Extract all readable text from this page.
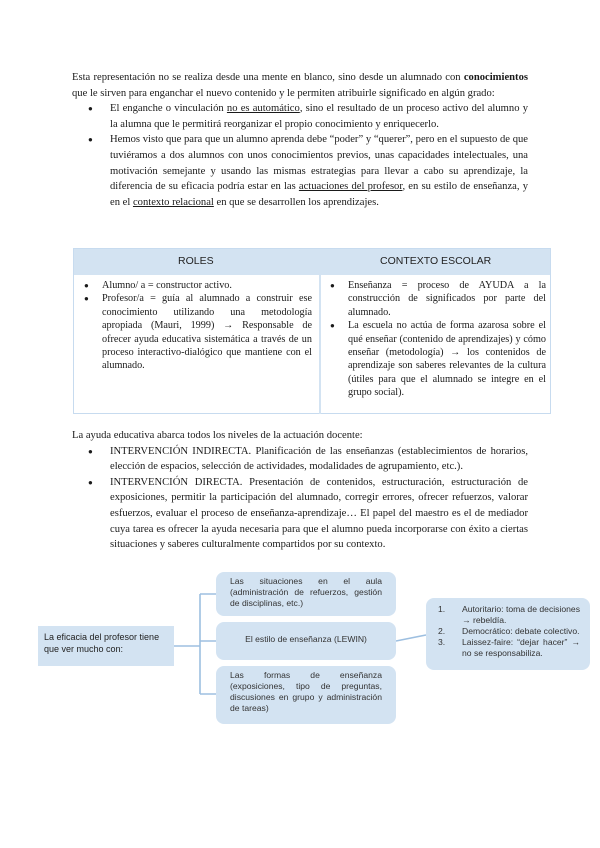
Esta representación no se realiza desde una mente en blanco, sino desde un alumnado con conocimientos que le sirven para enganchar el nuevo contenido y le permiten atribuirle significado en algún grado:
● El enganche o vinculación no es automático, sino el resultado de un proceso activo del alumno y la alumna que le permitirá reorganizar el propio conocimiento y enriquecerlo.
● Hemos visto que para que un alumno aprenda debe “poder” y “querer”, pero en el supuesto de que tuviéramos a dos alumnos con unos conocimientos previos, unas capacidades intelectuales, una motivación semejante y usando las mismas estrategias para llevar a cabo su aprendizaje, la diferencia de su eficacia podría estar en las actuaciones del profesor, en su estilo de enseñanza, y en el contexto relacional en que se desarrollen los aprendizajes.
ROLES	CONTEXTO ESCOLAR
● Alumno/ a = constructor activo.
● Profesor/a = guía al alumnado a construir ese conocimiento utilizando una metodología apropiada (Mauri, 1999) → Responsable de ofrecer ayuda educativa sistemática a través de un proceso interactivo-dialógico que mantiene con el alumnado.
● Enseñanza = proceso de AYUDA a la construcción de significados por parte del alumnado.
● La escuela no actúa de forma azarosa sobre el qué enseñar (contenido de aprendizajes) y cómo enseñar (metodología) → los contenidos de aprendizaje son saberes relevantes de la cultura (útiles para que el alumnado se integre en el grupo social).
La ayuda educativa abarca todos los niveles de la actuación docente:
● INTERVENCIÓN INDIRECTA. Planificación de las enseñanzas (establecimientos de horarios, elección de espacios, selección de actividades, modalidades de agrupamiento, etc.).
● INTERVENCIÓN DIRECTA. Presentación de contenidos, estructuración, estructuración de exposiciones, permitir la participación del alumnado, corregir errores, ofrecer refuerzos, valorar esfuerzos, evaluar el proceso de enseñanza-aprendizaje… El papel del maestro es el de mediador cuya tarea es ofrecer la ayuda necesaria para que el alumno pueda incorporarse con éxito a ciertas situaciones y saberes culturalmente compartidos por su contexto.
La eficacia del profesor tiene que ver mucho con:
Las situaciones en el aula (administración de refuerzos, gestión de disciplinas, etc.)
El estilo de enseñanza (LEWIN)
Las formas de enseñanza (exposiciones, tipo de preguntas, discusiones en grupo y administración de tareas)
1. Autoritario: toma de decisiones → rebeldía.
2. Democrático: debate colectivo.
3. Laissez-faire: “dejar hacer” → no se responsabiliza.
